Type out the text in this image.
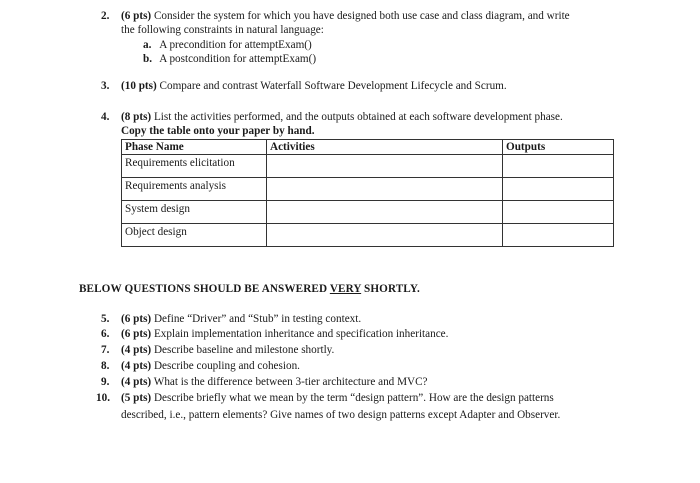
2. (6 pts) Consider the system for which you have designed both use case and class diagram, and write
the following constraints in natural language:
a. A precondition for attemptExam()
b. A postcondition for attemptExam()
3. (10 pts) Compare and contrast Waterfall Software Development Lifecycle and Scrum.
4. (8 pts) List the activities performed, and the outputs obtained at each software development phase.
Copy the table onto your paper by hand.
Phase Name	Activities	Outputs
Requirements elicitation		
Requirements analysis		
System design		
Object design		
BELOW QUESTIONS SHOULD BE ANSWERED VERY SHORTLY.
5. (6 pts) Define “Driver” and “Stub” in testing context.
6. (6 pts) Explain implementation inheritance and specification inheritance.
7. (4 pts) Describe baseline and milestone shortly.
8. (4 pts) Describe coupling and cohesion.
9. (4 pts) What is the difference between 3-tier architecture and MVC?
10. (5 pts) Describe briefly what we mean by the term “design pattern”. How are the design patterns
described, i.e., pattern elements? Give names of two design patterns except Adapter and Observer.
